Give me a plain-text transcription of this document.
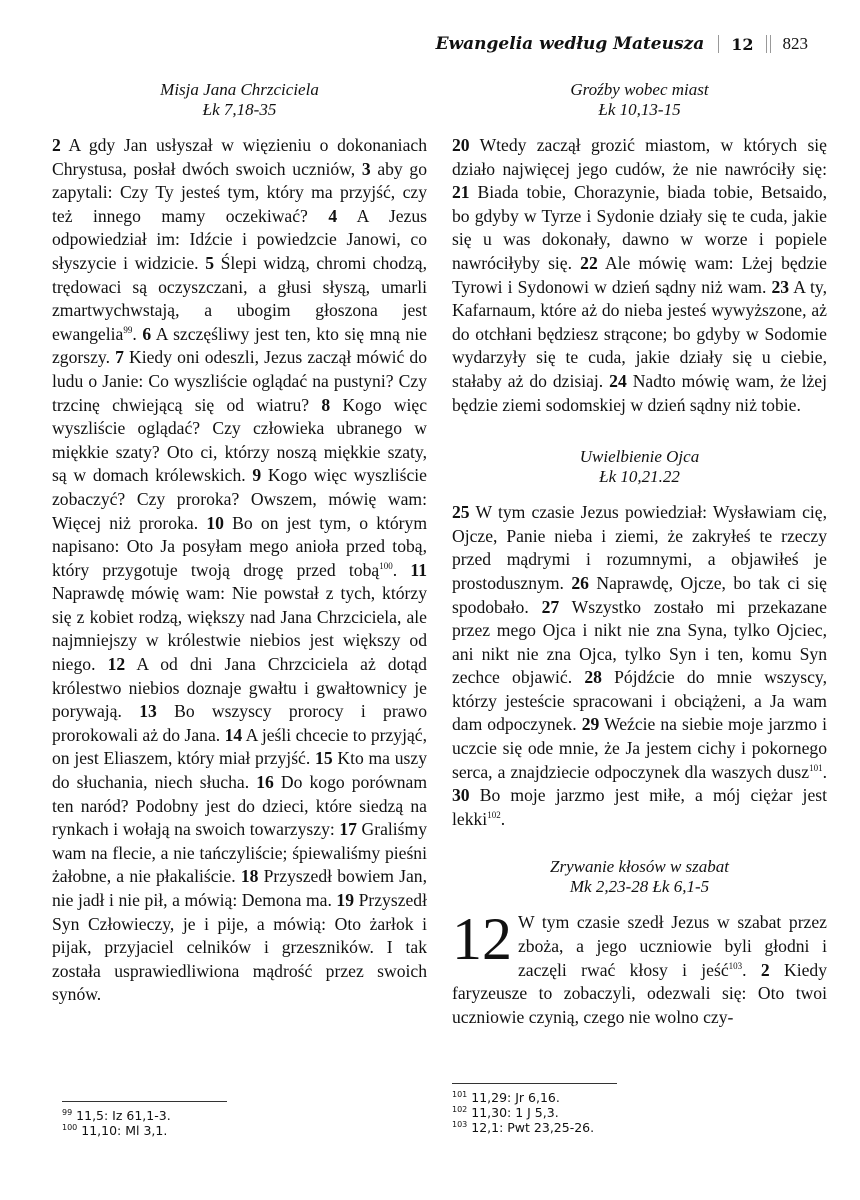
Ewangelia według Mateusza 12 823
Misja Jana Chrzciciela
Łk 7,18-35
2 A gdy Jan usłyszał w więzieniu o dokonaniach Chrystusa, posłał dwóch swoich uczniów, 3 aby go zapytali: Czy Ty jesteś tym, który ma przyjść, czy też innego mamy oczekiwać? 4 A Jezus odpowiedział im: Idźcie i powiedzcie Janowi, co słyszycie i widzicie. 5 Ślepi widzą, chromi chodzą, trędowaci są oczyszczani, a głusi słyszą, umarli zmartwychwstają, a ubogim głoszona jest ewangelia$^{99}$. 6 A szczęśliwy jest ten, kto się mną nie zgorszy. 7 Kiedy oni odeszli, Jezus zaczął mówić do ludu o Janie: Co wyszliście oglądać na pustyni? Czy trzcinę chwiejącą się od wiatru? 8 Kogo więc wyszliście oglądać? Czy człowieka ubranego w miękkie szaty? Oto ci, którzy noszą miękkie szaty, są w domach królewskich. 9 Kogo więc wyszliście zobaczyć? Czy proroka? Owszem, mówię wam: Więcej niż proroka. 10 Bo on jest tym, o którym napisano: Oto Ja posyłam mego anioła przed tobą, który przygotuje twoją drogę przed tobą$^{100}$. 11 Naprawdę mówię wam: Nie powstał z tych, którzy się z kobiet rodzą, większy nad Jana Chrzciciela, ale najmniejszy w królestwie niebios jest większy od niego. 12 A od dni Jana Chrzciciela aż dotąd królestwo niebios doznaje gwałtu i gwałtownicy je porywają. 13 Bo wszyscy prorocy i prawo prorokowali aż do Jana. 14 A jeśli chcecie to przyjąć, on jest Eliaszem, który miał przyjść. 15 Kto ma uszy do słuchania, niech słucha. 16 Do kogo porównam ten naród? Podobny jest do dzieci, które siedzą na rynkach i wołają na swoich towarzyszy: 17 Graliśmy wam na flecie, a nie tańczyliście; śpiewaliśmy pieśni żałobne, a nie płakaliście. 18 Przyszedł bowiem Jan, nie jadł i nie pił, a mówią: Demona ma. 19 Przyszedł Syn Człowieczy, je i pije, a mówią: Oto żarłok i pijak, przyjaciel celników i grzeszników. I tak została usprawiedliwiona mądrość przez swoich synów.
Groźby wobec miast
Łk 10,13-15
20 Wtedy zaczął grozić miastom, w których się działo najwięcej jego cudów, że nie nawróciły się: 21 Biada tobie, Chorazynie, biada tobie, Betsaido, bo gdyby w Tyrze i Sydonie działy się te cuda, jakie się u was dokonały, dawno w worze i popiele nawróciłyby się. 22 Ale mówię wam: Lżej będzie Tyrowi i Sydonowi w dzień sądny niż wam. 23 A ty, Kafarnaum, które aż do nieba jesteś wywyższone, aż do otchłani będziesz strącone; bo gdyby w Sodomie wydarzyły się te cuda, jakie działy się u ciebie, stałaby aż do dzisiaj. 24 Nadto mówię wam, że lżej będzie ziemi sodomskiej w dzień sądny niż tobie.
Uwielbienie Ojca
Łk 10,21.22
25 W tym czasie Jezus powiedział: Wysławiam cię, Ojcze, Panie nieba i ziemi, że zakryłeś te rzeczy przed mądrymi i rozumnymi, a objawiłeś je prostodusznym. 26 Naprawdę, Ojcze, bo tak ci się spodobało. 27 Wszystko zostało mi przekazane przez mego Ojca i nikt nie zna Syna, tylko Ojciec, ani nikt nie zna Ojca, tylko Syn i ten, komu Syn zechce objawić. 28 Pójdźcie do mnie wszyscy, którzy jesteście spracowani i obciążeni, a Ja wam dam odpoczynek. 29 Weźcie na siebie moje jarzmo i uczcie się ode mnie, że Ja jestem cichy i pokornego serca, a znajdziecie odpoczynek dla waszych dusz$^{101}$. 30 Bo moje jarzmo jest miłe, a mój ciężar jest lekki$^{102}$.
Zrywanie kłosów w szabat
Mk 2,23-28 Łk 6,1-5
12 W tym czasie szedł Jezus w szabat przez zboża, a jego uczniowie byli głodni i zaczęli rwać kłosy i jeść$^{103}$. 2 Kiedy faryzeusze to zobaczyli, odezwali się: Oto twoi uczniowie czynią, czego nie wolno czy-
$^{99}$ 11,5: Iz 61,1-3.
$^{100}$ 11,10: Ml 3,1.
$^{101}$ 11,29: Jr 6,16.
$^{102}$ 11,30: 1 J 5,3.
$^{103}$ 12,1: Pwt 23,25-26.
